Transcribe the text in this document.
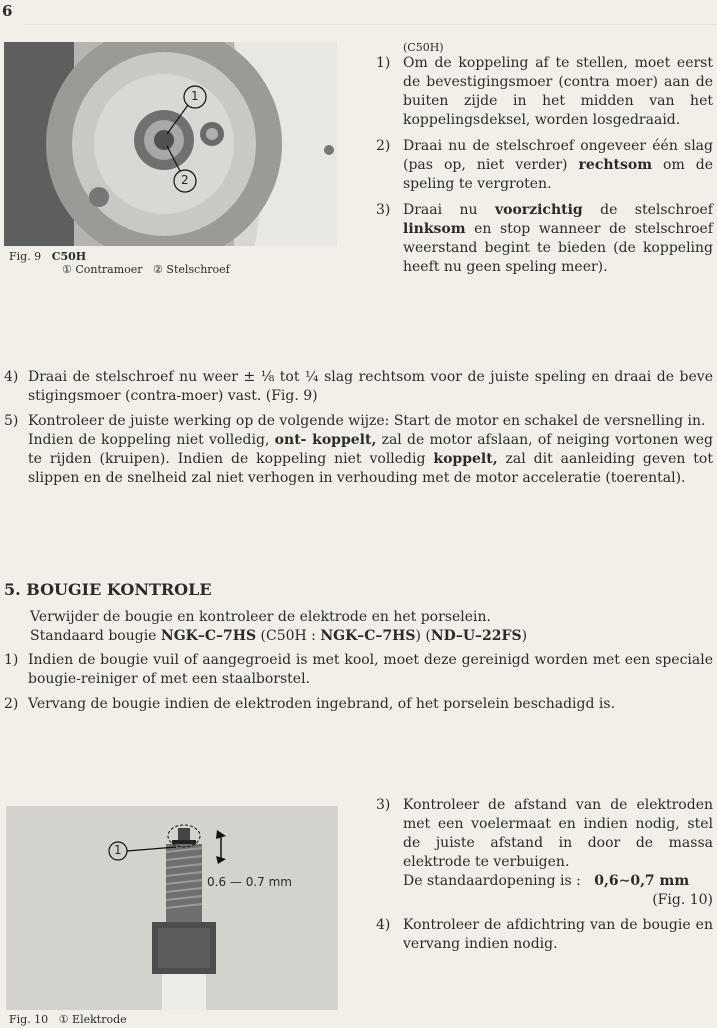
6
1
2
Fig. 9 C50H
① Contramoer ② Stelschroef
(C50H)
1) Om de koppeling af te stellen, moet eerst de bevestigingsmoer (contra moer) aan de buiten zijde in het midden van het koppelingsdeksel, worden losgedraaid.
2) Draai nu de stelschroef ongeveer één slag (pas op, niet verder) rechtsom om de speling te vergroten.
3) Draai nu voorzichtig de stelschroef linksom en stop wanneer de stelschroef weerstand begint te bieden (de koppeling heeft nu geen speling meer).
4) Draai de stelschroef nu weer ± ⅛ tot ¼ slag rechtsom voor de juiste speling en draai de beve stigingsmoer (contra-moer) vast. (Fig. 9)
5) Kontroleer de juiste werking op de volgende wijze: Start de motor en schakel de versnelling in.
Indien de koppeling niet volledig, ont- koppelt, zal de motor afslaan, of neiging vortonen weg te rijden (kruipen). Indien de koppeling niet volledig koppelt, zal dit aanleiding geven tot slippen en de snelheid zal niet verhogen in verhouding met de motor acceleratie (toerental).
5. BOUGIE KONTROLE
Verwijder de bougie en kontroleer de elektrode en het porselein.
Standaard bougie NGK–C–7HS (C50H : NGK–C–7HS) (ND–U–22FS)
1) Indien de bougie vuil of aangegroeid is met kool, moet deze gereinigd worden met een speciale bougie-reiniger of met een staalborstel.
2) Vervang de bougie indien de elektroden ingebrand, of het porselein beschadigd is.
1
0.6 — 0.7 mm
Fig. 10 ① Elektrode
3) Kontroleer de afstand van de elektroden met een voelermaat en indien nodig, stel de juiste afstand in door de massa elektrode te verbuigen.
De standaardopening is : 0,6∼0,7 mm
(Fig. 10)
4) Kontroleer de afdichtring van de bougie en vervang indien nodig.
